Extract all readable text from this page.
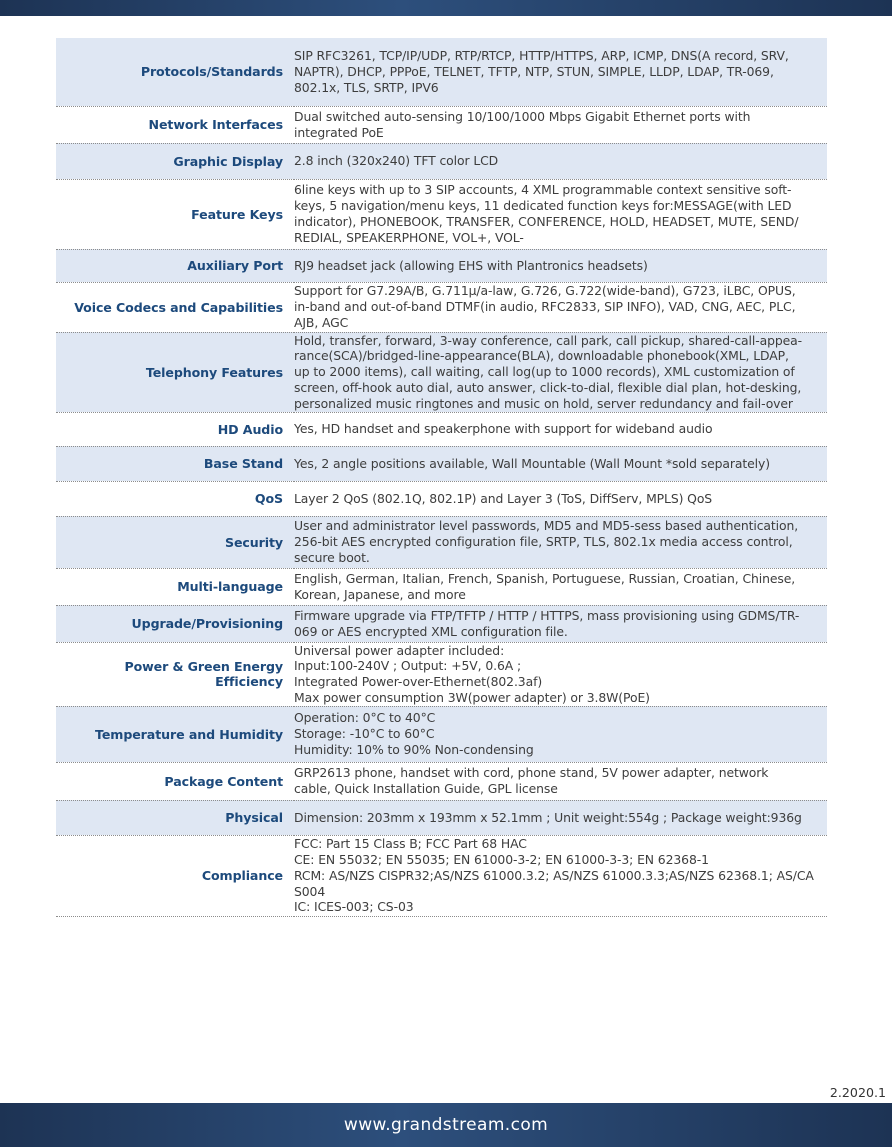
Protocols/Standards	SIP RFC3261, TCP/IP/UDP, RTP/RTCP, HTTP/HTTPS, ARP, ICMP, DNS(A record, SRV,
NAPTR), DHCP, PPPoE, TELNET, TFTP, NTP, STUN, SIMPLE, LLDP, LDAP, TR-069,
802.1x, TLS, SRTP, IPV6

Network Interfaces	Dual switched auto-sensing 10/100/1000 Mbps Gigabit Ethernet ports with
integrated PoE

Graphic Display	2.8 inch (320x240) TFT color LCD

Feature Keys	6line keys with up to 3 SIP accounts, 4 XML programmable context sensitive soft-
keys, 5 navigation/menu keys, 11 dedicated function keys for:MESSAGE(with LED
indicator), PHONEBOOK, TRANSFER, CONFERENCE, HOLD, HEADSET, MUTE, SEND/
REDIAL, SPEAKERPHONE, VOL+, VOL-

Auxiliary Port	RJ9 headset jack (allowing EHS with Plantronics headsets)

Voice Codecs and Capabilities	Support for G7.29A/B, G.711µ/a-law, G.726, G.722(wide-band), G723, iLBC, OPUS,
in-band and out-of-band DTMF(in audio, RFC2833, SIP INFO), VAD, CNG, AEC, PLC,
AJB, AGC

Telephony Features	Hold, transfer, forward, 3-way conference, call park, call pickup, shared-call-appea-
rance(SCA)/bridged-line-appearance(BLA), downloadable phonebook(XML, LDAP,
up to 2000 items), call waiting, call log(up to 1000 records), XML customization of
screen, off-hook auto dial, auto answer, click-to-dial, flexible dial plan, hot-desking,
personalized music ringtones and music on hold, server redundancy and fail-over

HD Audio	Yes, HD handset and speakerphone with support for wideband audio

Base Stand	Yes, 2 angle positions available, Wall Mountable (Wall Mount *sold separately)

QoS	Layer 2 QoS (802.1Q, 802.1P) and Layer 3 (ToS, DiffServ, MPLS) QoS

Security	User and administrator level passwords, MD5 and MD5-sess based authentication,
256-bit AES encrypted configuration file, SRTP, TLS, 802.1x media access control,
secure boot.

Multi-language	English, German, Italian, French, Spanish, Portuguese, Russian, Croatian, Chinese,
Korean, Japanese, and more

Upgrade/Provisioning	Firmware upgrade via FTP/TFTP / HTTP / HTTPS, mass provisioning using GDMS/TR-
069 or AES encrypted XML configuration file.

Power & Green Energy Efficiency	Universal power adapter included:
Input:100-240V ; Output: +5V, 0.6A ;
Integrated Power-over-Ethernet(802.3af)
Max power consumption 3W(power adapter) or 3.8W(PoE)

Temperature and Humidity	Operation: 0°C to 40°C
Storage: -10°C to 60°C
Humidity: 10% to 90% Non-condensing

Package Content	GRP2613 phone, handset with cord, phone stand, 5V power adapter, network
cable, Quick Installation Guide, GPL license

Physical	Dimension: 203mm x 193mm x 52.1mm ; Unit weight:554g ; Package weight:936g

Compliance	FCC: Part 15 Class B; FCC Part 68 HAC
CE: EN 55032; EN 55035; EN 61000-3-2; EN 61000-3-3; EN 62368-1
RCM: AS/NZS CISPR32;AS/NZS 61000.3.2; AS/NZS 61000.3.3;AS/NZS 62368.1; AS/CA
S004
IC: ICES-003; CS-03
2.2020.1
www.grandstream.com
